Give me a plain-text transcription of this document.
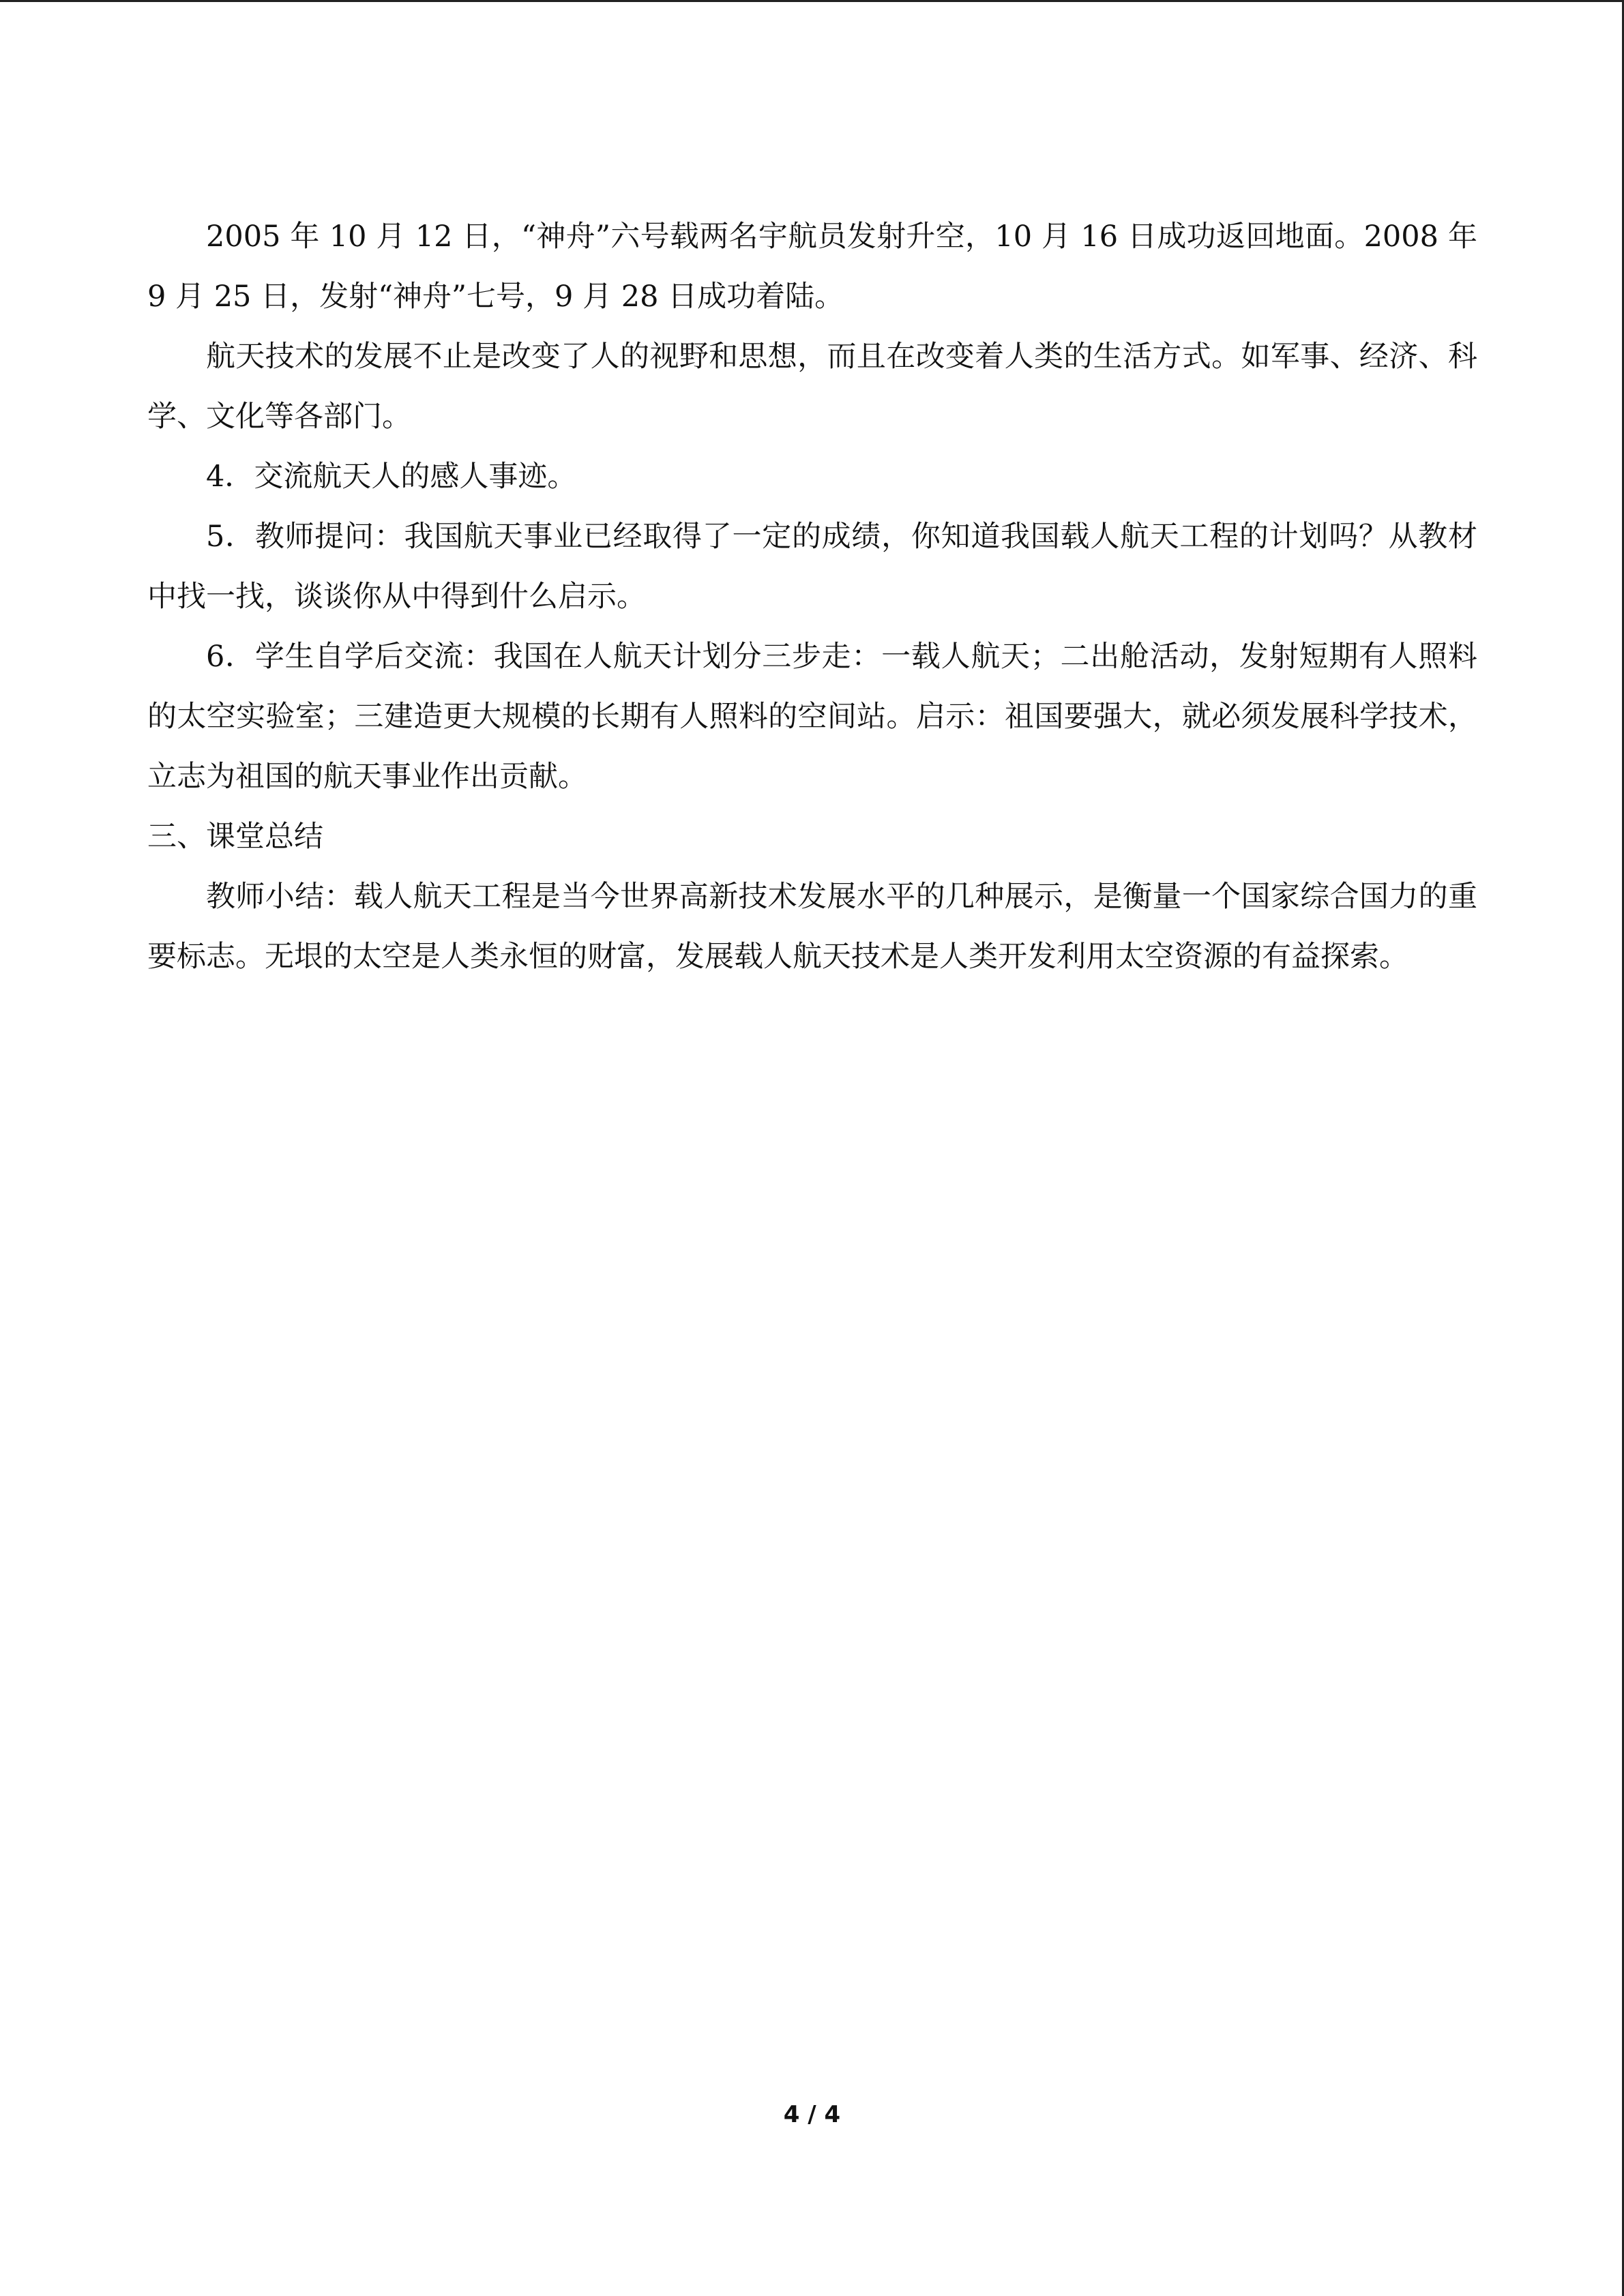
2005 年 10 月 12 日，“神舟”六号载两名宇航员发射升空，10 月 16 日成功返回地面。2008 年 9 月 25 日，发射“神舟”七号，9 月 28 日成功着陆。

航天技术的发展不止是改变了人的视野和思想，而且在改变着人类的生活方式。如军事、经济、科学、文化等各部门。

4．交流航天人的感人事迹。

5．教师提问：我国航天事业已经取得了一定的成绩，你知道我国载人航天工程的计划吗？从教材中找一找，谈谈你从中得到什么启示。

6．学生自学后交流：我国在人航天计划分三步走：一载人航天；二出舱活动，发射短期有人照料的太空实验室；三建造更大规模的长期有人照料的空间站。启示：祖国要强大，就必须发展科学技术，立志为祖国的航天事业作出贡献。

三、课堂总结

教师小结：载人航天工程是当今世界高新技术发展水平的几种展示，是衡量一个国家综合国力的重要标志。无垠的太空是人类永恒的财富，发展载人航天技术是人类开发利用太空资源的有益探索。

4 / 4
